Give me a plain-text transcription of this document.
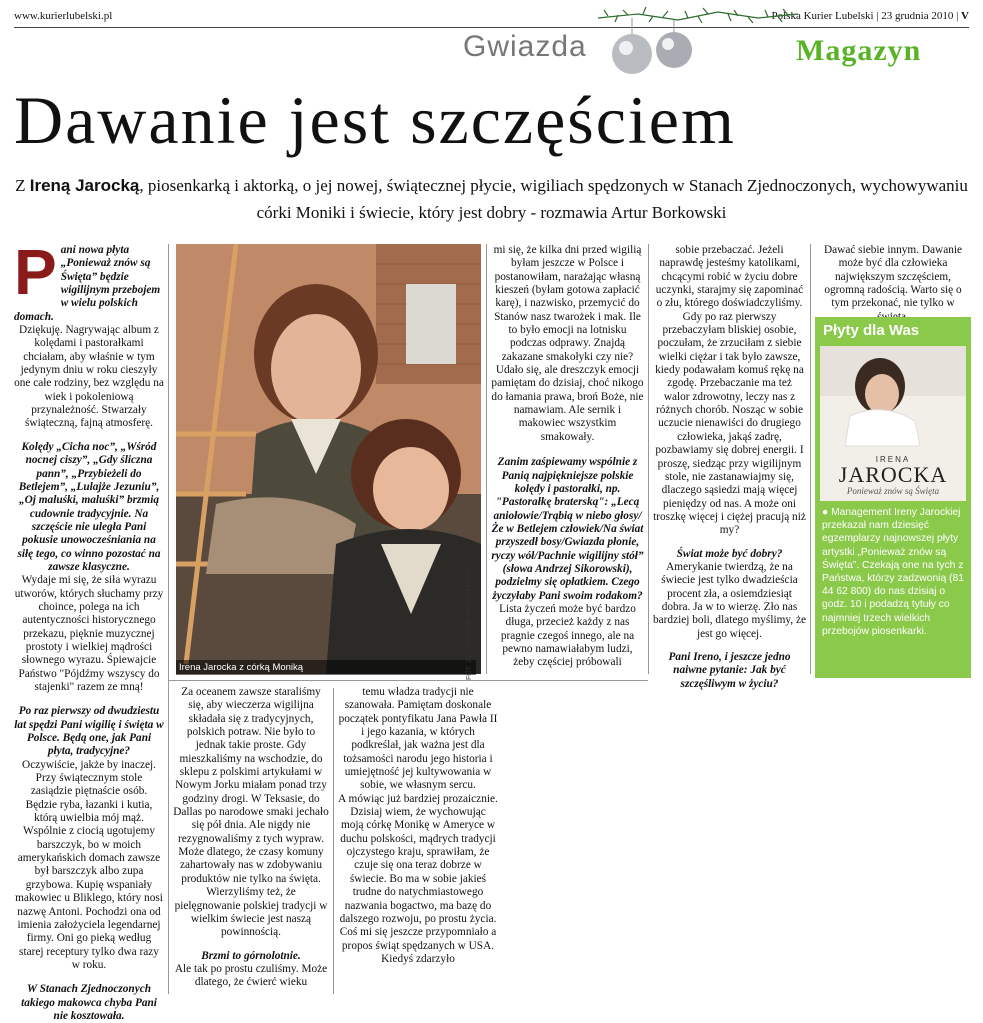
www.kurierlubelski.pl	Polska Kurier Lubelski | 23 grudnia 2010 | V
Gwiazda	Magazyn
Dawanie jest szczęściem
Z Ireną Jarocką, piosenkarką i aktorką, o jej nowej, świątecznej płycie, wigiliach spędzonych w Stanach Zjednoczonych, wychowywaniu córki Moniki i świecie, który jest dobry - rozmawia Artur Borkowski

Pani nowa płyta „Ponieważ znów są Święta” będzie wigilijnym przebojem w wielu polskich domach.

Dziękuję. Nagrywając album z kolędami i pastorałkami chciałam, aby właśnie w tym jedynym dniu w roku cieszyły one całe rodziny, bez względu na wiek i pokoleniową przynależność. Stwarzały świąteczną, fajną atmosferę.

Kolędy „Cicha noc”, „Wśród nocnej ciszy”, „Gdy śliczna pann”, „Przybieżeli do Betlejem”, „Lulajże Jezuniu”, „Oj maluśki, maluśki” brzmią cudownie tradycyjnie. Na szczęście nie uległa Pani pokusie unowocześniania na siłę tego, co winno pozostać na zawsze klasyczne.

Wydaje mi się, że siła wyrazu utworów, których słuchamy przy choince, polega na ich autentyczności historycznego przekazu, pięknie muzycznej prostoty i wielkiej mądrości słownego wyrazu. Śpiewajcie Państwo "Pójdźmy wszyscy do stajenki" razem ze mną!

Po raz pierwszy od dwudziestu lat spędzi Pani wigilię i święta w Polsce. Będą one, jak Pani płyta, tradycyjne?

Oczywiście, jakże by inaczej. Przy świątecznym stole zasiądzie piętnaście osób. Będzie ryba, łazanki i kutia, którą uwielbia mój mąż. Wspólnie z ciocią ugotujemy barszczyk, bo w moich amerykańskich domach zawsze był barszczyk albo zupa grzybowa. Kupię wspaniały makowiec u Bliklego, który nosi nazwę Antoni. Pochodzi ona od imienia założyciela legendarnej firmy. Oni go pieką według starej receptury tylko dwa razy w roku.

W Stanach Zjednoczonych takiego makowca chyba Pani nie kosztowała.

Irena Jarocka z córką Moniką	FOT. ZE ZBIORÓW PRYWATNYCH

Za oceanem zawsze staraliśmy się, aby wieczerza wigilijna składała się z tradycyjnych, polskich potraw. Nie było to jednak takie proste. Gdy mieszkaliśmy na wschodzie, do sklepu z polskimi artykułami w Nowym Jorku miałam ponad trzy godziny drogi. W Teksasie, do Dallas po narodowe smaki jechało się pół dnia. Ale nigdy nie rezygnowaliśmy z tych wypraw. Może dlatego, że czasy komuny zahartowały nas w zdobywaniu produktów nie tylko na święta. Wierzyliśmy też, że pielęgnowanie polskiej tradycji w wielkim świecie jest naszą powinnością.

Brzmi to górnolotnie.

Ale tak po prostu czuliśmy. Może dlatego, że ćwierć wieku

mi się, że kilka dni przed wigilią byłam jeszcze w Polsce i postanowiłam, narażając własną kieszeń (byłam gotowa zapłacić karę), i nazwisko, przemycić do Stanów nasz twarożek i mak. Ile to było emocji na lotnisku podczas odprawy. Znajdą zakazane smakołyki czy nie? Udało się, ale dreszczyk emocji pamiętam do dzisiaj, choć nikogo do łamania prawa, broń Boże, nie namawiam. Ale sernik i makowiec wszystkim smakowały.

Zanim zaśpiewamy wspólnie z Panią najpiękniejsze polskie kolędy i pastorałki, np. "Pastorałkę braterską": „Lecą aniołowie/Trąbią w niebo głosy/Że w Betlejem człowiek/Na świat przyszedł bosy/Gwiazda płonie, ryczy wół/Pachnie wigilijny stół” (słowa Andrzej Sikorowski), podzielmy się opłatkiem. Czego życzyłaby Pani swoim rodakom?

Lista życzeń może być bardzo długa, przecież każdy z nas pragnie czegoś innego, ale na pewno namawiałabym ludzi, żeby częściej próbowali

temu władza tradycji nie szanowała. Pamiętam doskonale początek pontyfikatu Jana Pawła II i jego kazania, w których podkreślał, jak ważna jest dla tożsamości narodu jego historia i umiejętność jej kultywowania w sobie, we własnym sercu.

A mówiąc już bardziej prozaicznie. Dzisiaj wiem, że wychowując moją córkę Monikę w Ameryce w duchu polskości, mądrych tradycji ojczystego kraju, sprawiłam, że czuje się ona teraz dobrze w świecie. Bo ma w sobie jakieś trudne do natychmiastowego nazwania bogactwo, ma bazę do dalszego rozwoju, po prostu życia.

Coś mi się jeszcze przypomniało a propos świąt spędzanych w USA. Kiedyś zdarzyło

sobie przebaczać. Jeżeli naprawdę jesteśmy katolikami, chcącymi robić w życiu dobre uczynki, starajmy się zapominać o złu, którego doświadczyliśmy. Gdy po raz pierwszy przebaczyłam bliskiej osobie, poczułam, że zrzuciłam z siebie wielki ciężar i tak było zawsze, kiedy podawałam komuś rękę na zgodę. Przebaczanie ma też walor zdrowotny, leczy nas z różnych chorób. Nosząc w sobie uczucie nienawiści do drugiego człowieka, jakąś zadrę, pozbawiamy się dobrej energii. I proszę, siedząc przy wigilijnym stole, nie zastanawiajmy się, dlaczego sąsiedzi mają więcej pieniędzy od nas. A może oni troszkę więcej i ciężej pracują niż my?

Świat może być dobry?

Amerykanie twierdzą, że na świecie jest tylko dwadzieścia procent zła, a osiemdziesiąt dobra. Ja w to wierzę. Zło nas bardziej boli, dlatego myślimy, że jest go więcej.

Pani Ireno, i jeszcze jedno naiwne pytanie: Jak być szczęśliwym w życiu?

Dawać siebie innym. Dawanie może być dla człowieka największym szczęściem, ogromną radością. Warto się o tym przekonać, nie tylko w

Płyty dla Was
IRENA
JAROCKA
Ponieważ znów są Święta
● Management Ireny Jarockiej przekazał nam dziesięć egzemplarzy najnowszej płyty artystki „Ponieważ znów są Święta”. Czekają one na tych z Państwa, którzy zadzwonią (81 44 62 800) do nas dzisiaj o godz. 10 i podadzą tytuły co najmniej trzech wielkich przebojów piosenkarki.
